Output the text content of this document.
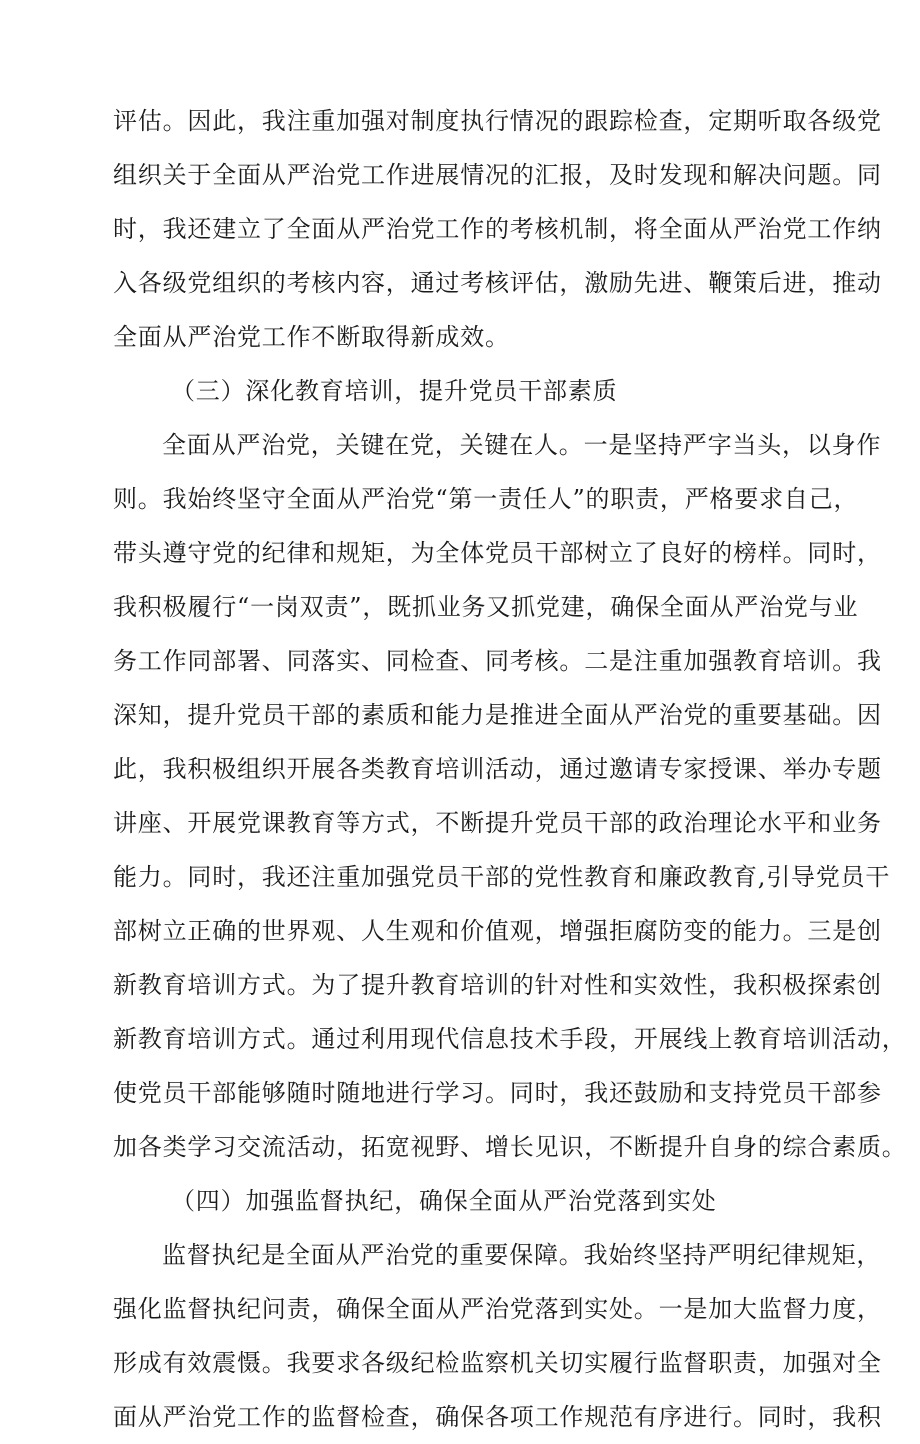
评估。因此，我注重加强对制度执行情况的跟踪检查，定期听取各级党
组织关于全面从严治党工作进展情况的汇报，及时发现和解决问题。同
时，我还建立了全面从严治党工作的考核机制，将全面从严治党工作纳
入各级党组织的考核内容，通过考核评估，激励先进、鞭策后进，推动
全面从严治党工作不断取得新成效。
（三）深化教育培训，提升党员干部素质
全面从严治党，关键在党，关键在人。一是坚持严字当头，以身作
则。我始终坚守全面从严治党“第一责任人”的职责，严格要求自己，
带头遵守党的纪律和规矩，为全体党员干部树立了良好的榜样。同时，
我积极履行“一岗双责”，既抓业务又抓党建，确保全面从严治党与业
务工作同部署、同落实、同检查、同考核。二是注重加强教育培训。我
深知，提升党员干部的素质和能力是推进全面从严治党的重要基础。因
此，我积极组织开展各类教育培训活动，通过邀请专家授课、举办专题
讲座、开展党课教育等方式，不断提升党员干部的政治理论水平和业务
能力。同时，我还注重加强党员干部的党性教育和廉政教育,引导党员干
部树立正确的世界观、人生观和价值观，增强拒腐防变的能力。三是创
新教育培训方式。为了提升教育培训的针对性和实效性，我积极探索创
新教育培训方式。通过利用现代信息技术手段，开展线上教育培训活动，
使党员干部能够随时随地进行学习。同时，我还鼓励和支持党员干部参
加各类学习交流活动，拓宽视野、增长见识，不断提升自身的综合素质。
（四）加强监督执纪，确保全面从严治党落到实处
监督执纪是全面从严治党的重要保障。我始终坚持严明纪律规矩，
强化监督执纪问责，确保全面从严治党落到实处。一是加大监督力度，
形成有效震慑。我要求各级纪检监察机关切实履行监督职责，加强对全
面从严治党工作的监督检查，确保各项工作规范有序进行。同时，我积
